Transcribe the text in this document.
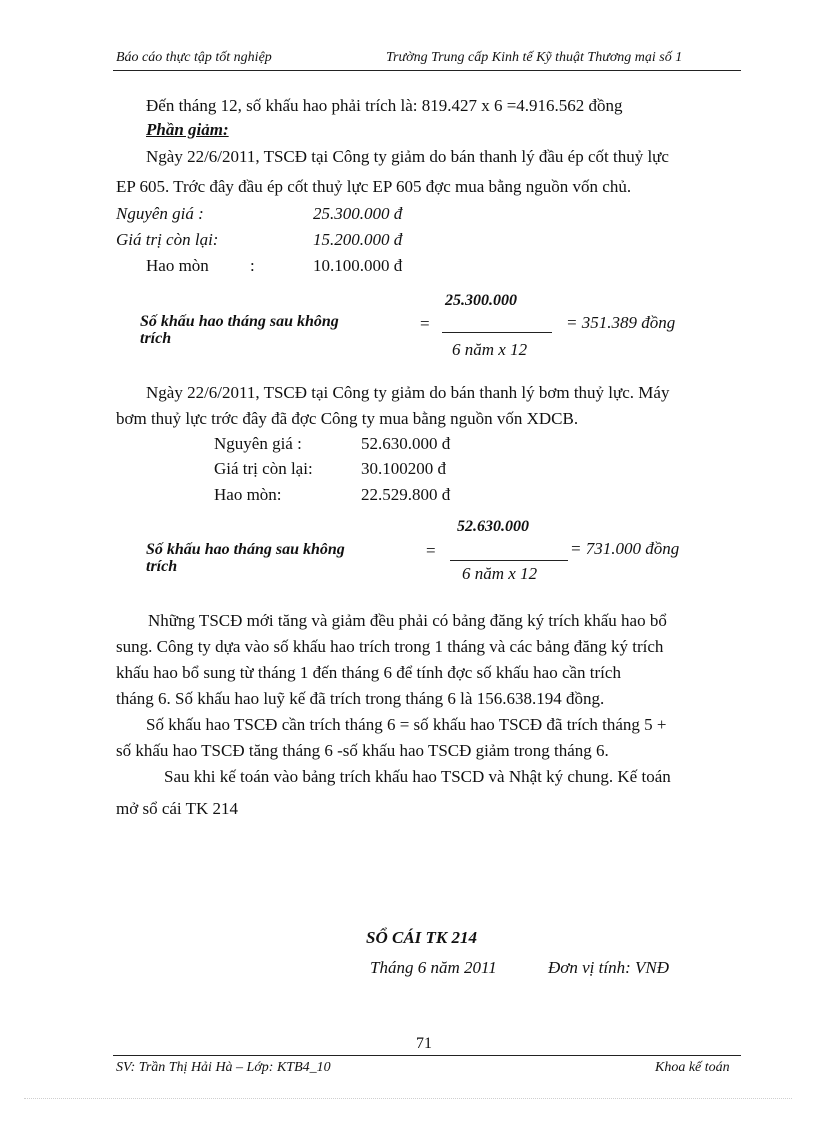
Báo cáo thực tập tốt nghiệp	Trường Trung cấp Kinh tế Kỹ thuật Thương mại số 1
Đến tháng 12, số khấu hao phải trích là: 819.427 x 6 =4.916.562 đồng
Phần giảm:
Ngày 22/6/2011, TSCĐ tại Công ty giảm do bán thanh lý đầu ép cốt thuỷ lực
EP 605. Trớc đây đầu ép cốt thuỷ lực EP 605 đợc mua bằng nguồn vốn chủ.
Nguyên giá :	25.300.000 đ
Giá trị còn lại:	15.200.000 đ
Hao mòn :	10.100.000 đ
Số khấu hao tháng sau không
trích
=
25.300.000
6 năm x 12
= 351.389 đồng
Ngày 22/6/2011, TSCĐ tại Công ty giảm do bán thanh lý bơm thuỷ lực. Máy
bơm thuỷ lực trớc đây đã đợc Công ty mua bằng nguồn vốn XDCB.
Nguyên giá :	52.630.000 đ
Giá trị còn lại:	30.100200 đ
Hao mòn:	22.529.800 đ
Số khấu hao tháng sau không
trích
=
52.630.000
6 năm x 12
= 731.000 đồng
Những TSCĐ mới tăng và giảm đều phải có bảng đăng ký trích khấu hao bổ
sung. Công ty dựa vào số khấu hao trích trong 1 tháng và các bảng đăng ký trích
khấu hao bổ sung từ tháng 1 đến tháng 6 để tính đợc số khấu hao cần trích
tháng 6. Số khấu hao luỹ kế đã trích trong tháng 6 là 156.638.194 đồng.
Số khấu hao TSCĐ cần trích tháng 6 = số khấu hao TSCĐ đã trích tháng 5 +
số khấu hao TSCĐ tăng tháng 6 -số khấu hao TSCĐ giảm trong tháng 6.
Sau khi kế toán vào bảng trích khấu hao TSCD và Nhật ký chung. Kế toán
mở sổ cái TK 214
SỔ CÁI TK 214
Tháng 6 năm 2011	Đơn vị tính: VNĐ
71
SV: Trần Thị Hải Hà – Lớp: KTB4_10	Khoa kế toán
